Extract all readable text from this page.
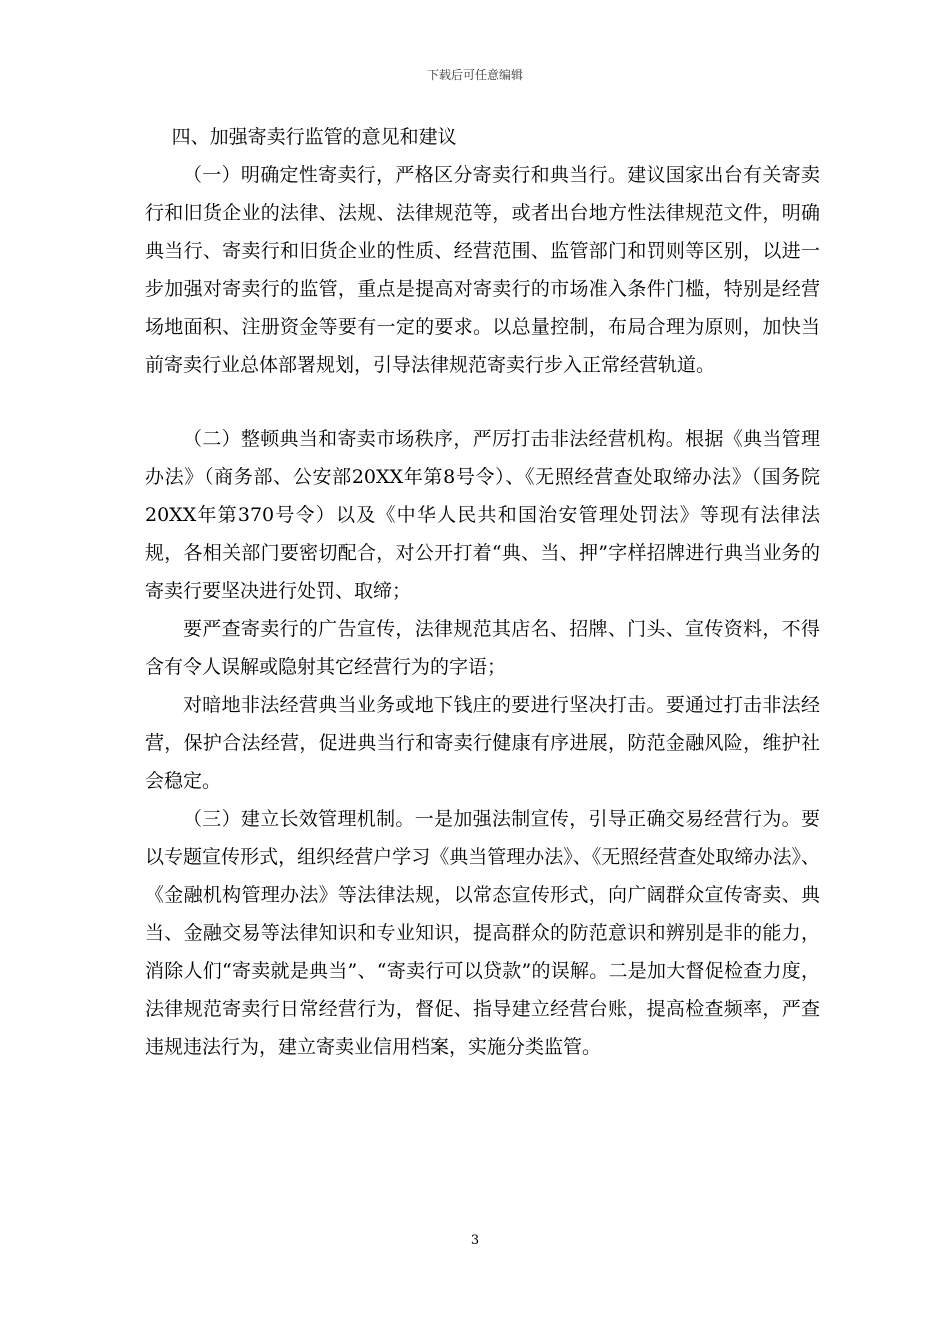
下载后可任意编辑

四、加强寄卖行监管的意见和建议

（一）明确定性寄卖行，严格区分寄卖行和典当行。建议国家出台有关寄卖行和旧货企业的法律、法规、法律规范等，或者出台地方性法律规范文件，明确典当行、寄卖行和旧货企业的性质、经营范围、监管部门和罚则等区别，以进一步加强对寄卖行的监管，重点是提高对寄卖行的市场准入条件门槛，特别是经营场地面积、注册资金等要有一定的要求。以总量控制，布局合理为原则，加快当前寄卖行业总体部署规划，引导法律规范寄卖行步入正常经营轨道。

（二）整顿典当和寄卖市场秩序，严厉打击非法经营机构。根据《典当管理办法》（商务部、公安部20XX年第8号令）、《无照经营查处取缔办法》（国务院20XX年第370号令）以及《中华人民共和国治安管理处罚法》等现有法律法规，各相关部门要密切配合，对公开打着“典、当、押”字样招牌进行典当业务的寄卖行要坚决进行处罚、取缔；

要严查寄卖行的广告宣传，法律规范其店名、招牌、门头、宣传资料，不得含有令人误解或隐射其它经营行为的字语；

对暗地非法经营典当业务或地下钱庄的要进行坚决打击。要通过打击非法经营，保护合法经营，促进典当行和寄卖行健康有序进展，防范金融风险，维护社会稳定。

（三）建立长效管理机制。一是加强法制宣传，引导正确交易经营行为。要以专题宣传形式，组织经营户学习《典当管理办法》、《无照经营查处取缔办法》、《金融机构管理办法》等法律法规，以常态宣传形式，向广阔群众宣传寄卖、典当、金融交易等法律知识和专业知识，提高群众的防范意识和辨别是非的能力，消除人们“寄卖就是典当”、“寄卖行可以贷款”的误解。二是加大督促检查力度，法律规范寄卖行日常经营行为，督促、指导建立经营台账，提高检查频率，严查违规违法行为，建立寄卖业信用档案，实施分类监管。

3
